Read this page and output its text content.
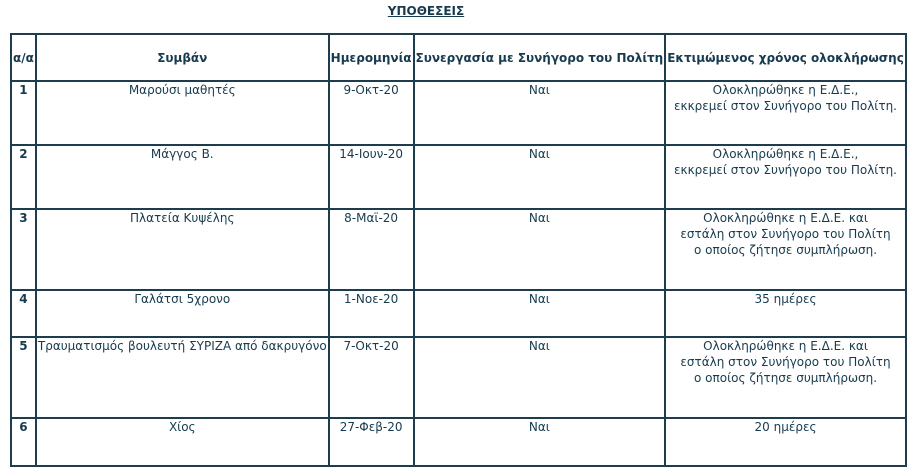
ΥΠΟΘΕΣΕΙΣ
α/α	Συμβάν	Ημερομηνία	Συνεργασία με Συνήγορο του Πολίτη	Εκτιμώμενος χρόνος ολοκλήρωσης
1	Μαρούσι μαθητές	9-Οκτ-20	Ναι	Ολοκληρώθηκε η Ε.Δ.Ε.,
εκκρεμεί στον Συνήγορο του Πολίτη.

2	Μάγγος Β.	14-Ιουν-20	Ναι	Ολοκληρώθηκε η Ε.Δ.Ε.,
εκκρεμεί στον Συνήγορο του Πολίτη.

3	Πλατεία Κυψέλης	8-Μαϊ-20	Ναι	Ολοκληρώθηκε η Ε.Δ.Ε. και
εστάλη στον Συνήγορο του Πολίτη
ο οποίος ζήτησε συμπλήρωση.

4	Γαλάτσι 5χρονο	1-Νοε-20	Ναι	35 ημέρες

5	Τραυματισμός βουλευτή ΣΥΡΙΖΑ από δακρυγόνο	7-Οκτ-20	Ναι	Ολοκληρώθηκε η Ε.Δ.Ε. και
εστάλη στον Συνήγορο του Πολίτη
ο οποίος ζήτησε συμπλήρωση.

6	Χίος	27-Φεβ-20	Ναι	20 ημέρες
